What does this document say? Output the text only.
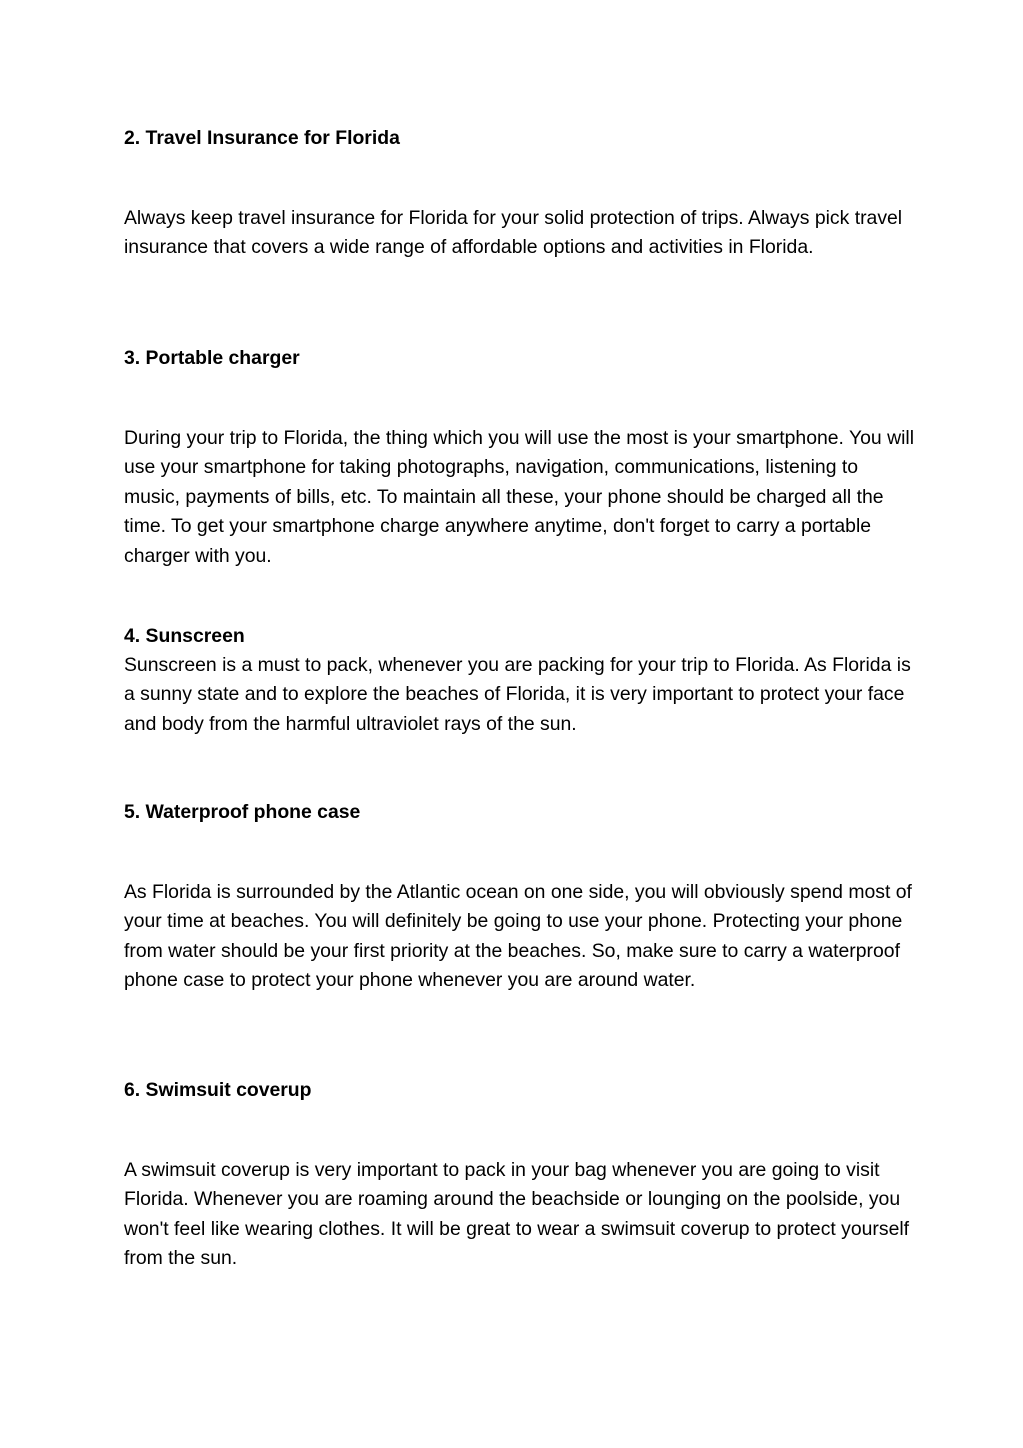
2. Travel Insurance for Florida

Always keep travel insurance for Florida for your solid protection of trips. Always pick travel insurance that covers a wide range of affordable options and activities in Florida.

3. Portable charger

During your trip to Florida, the thing which you will use the most is your smartphone. You will use your smartphone for taking photographs, navigation, communications, listening to music, payments of bills, etc. To maintain all these, your phone should be charged all the time. To get your smartphone charge anywhere anytime, don't forget to carry a portable charger with you.

4. Sunscreen

Sunscreen is a must to pack, whenever you are packing for your trip to Florida. As Florida is a sunny state and to explore the beaches of Florida, it is very important to protect your face and body from the harmful ultraviolet rays of the sun.

5. Waterproof phone case

As Florida is surrounded by the Atlantic ocean on one side, you will obviously spend most of your time at beaches. You will definitely be going to use your phone. Protecting your phone from water should be your first priority at the beaches. So, make sure to carry a waterproof phone case to protect your phone whenever you are around water.

6. Swimsuit coverup

A swimsuit coverup is very important to pack in your bag whenever you are going to visit Florida. Whenever you are roaming around the beachside or lounging on the poolside, you won't feel like wearing clothes. It will be great to wear a swimsuit coverup to protect yourself from the sun.
